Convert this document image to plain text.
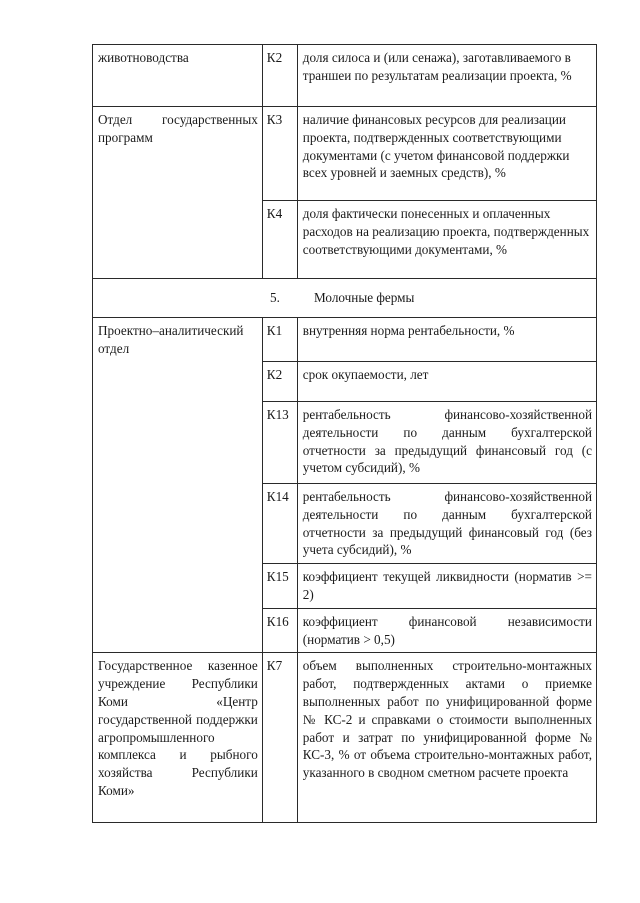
животноводства	К2	доля силоса и (или сенажа), заготавливаемого в траншеи по результатам реализации проекта, %

Отдел государственных программ	К3	наличие финансовых ресурсов для реализации проекта, подтвержденных соответствующими документами (с учетом финансовой поддержки всех уровней и заемных средств), %
	К4	доля фактически понесенных и оплаченных расходов на реализацию проекта, подтвержденных соответствующими документами, %

5. Молочные фермы		

Проектно–аналитический отдел	К1	внутренняя норма рентабельности, %
	К2	срок окупаемости, лет
	К13	рентабельность финансово-хозяйственной деятельности по данным бухгалтерской отчетности за предыдущий финансовый год (с учетом субсидий), %
	К14	рентабельность финансово-хозяйственной деятельности по данным бухгалтерской отчетности за предыдущий финансовый год (без учета субсидий), %
	К15	коэффициент текущей ликвидности (норматив >= 2)
	К16	коэффициент финансовой независимости (норматив > 0,5)

Государственное казенное учреждение Республики Коми «Центр государственной поддержки агропромышленного комплекса и рыбного хозяйства Республики Коми»	К7	объем выполненных строительно-монтажных работ, подтвержденных актами о приемке выполненных работ по унифицированной форме № КС-2 и справками о стоимости выполненных работ и затрат по унифицированной форме № КС-3, % от объема строительно-монтажных работ, указанного в сводном сметном расчете проекта
